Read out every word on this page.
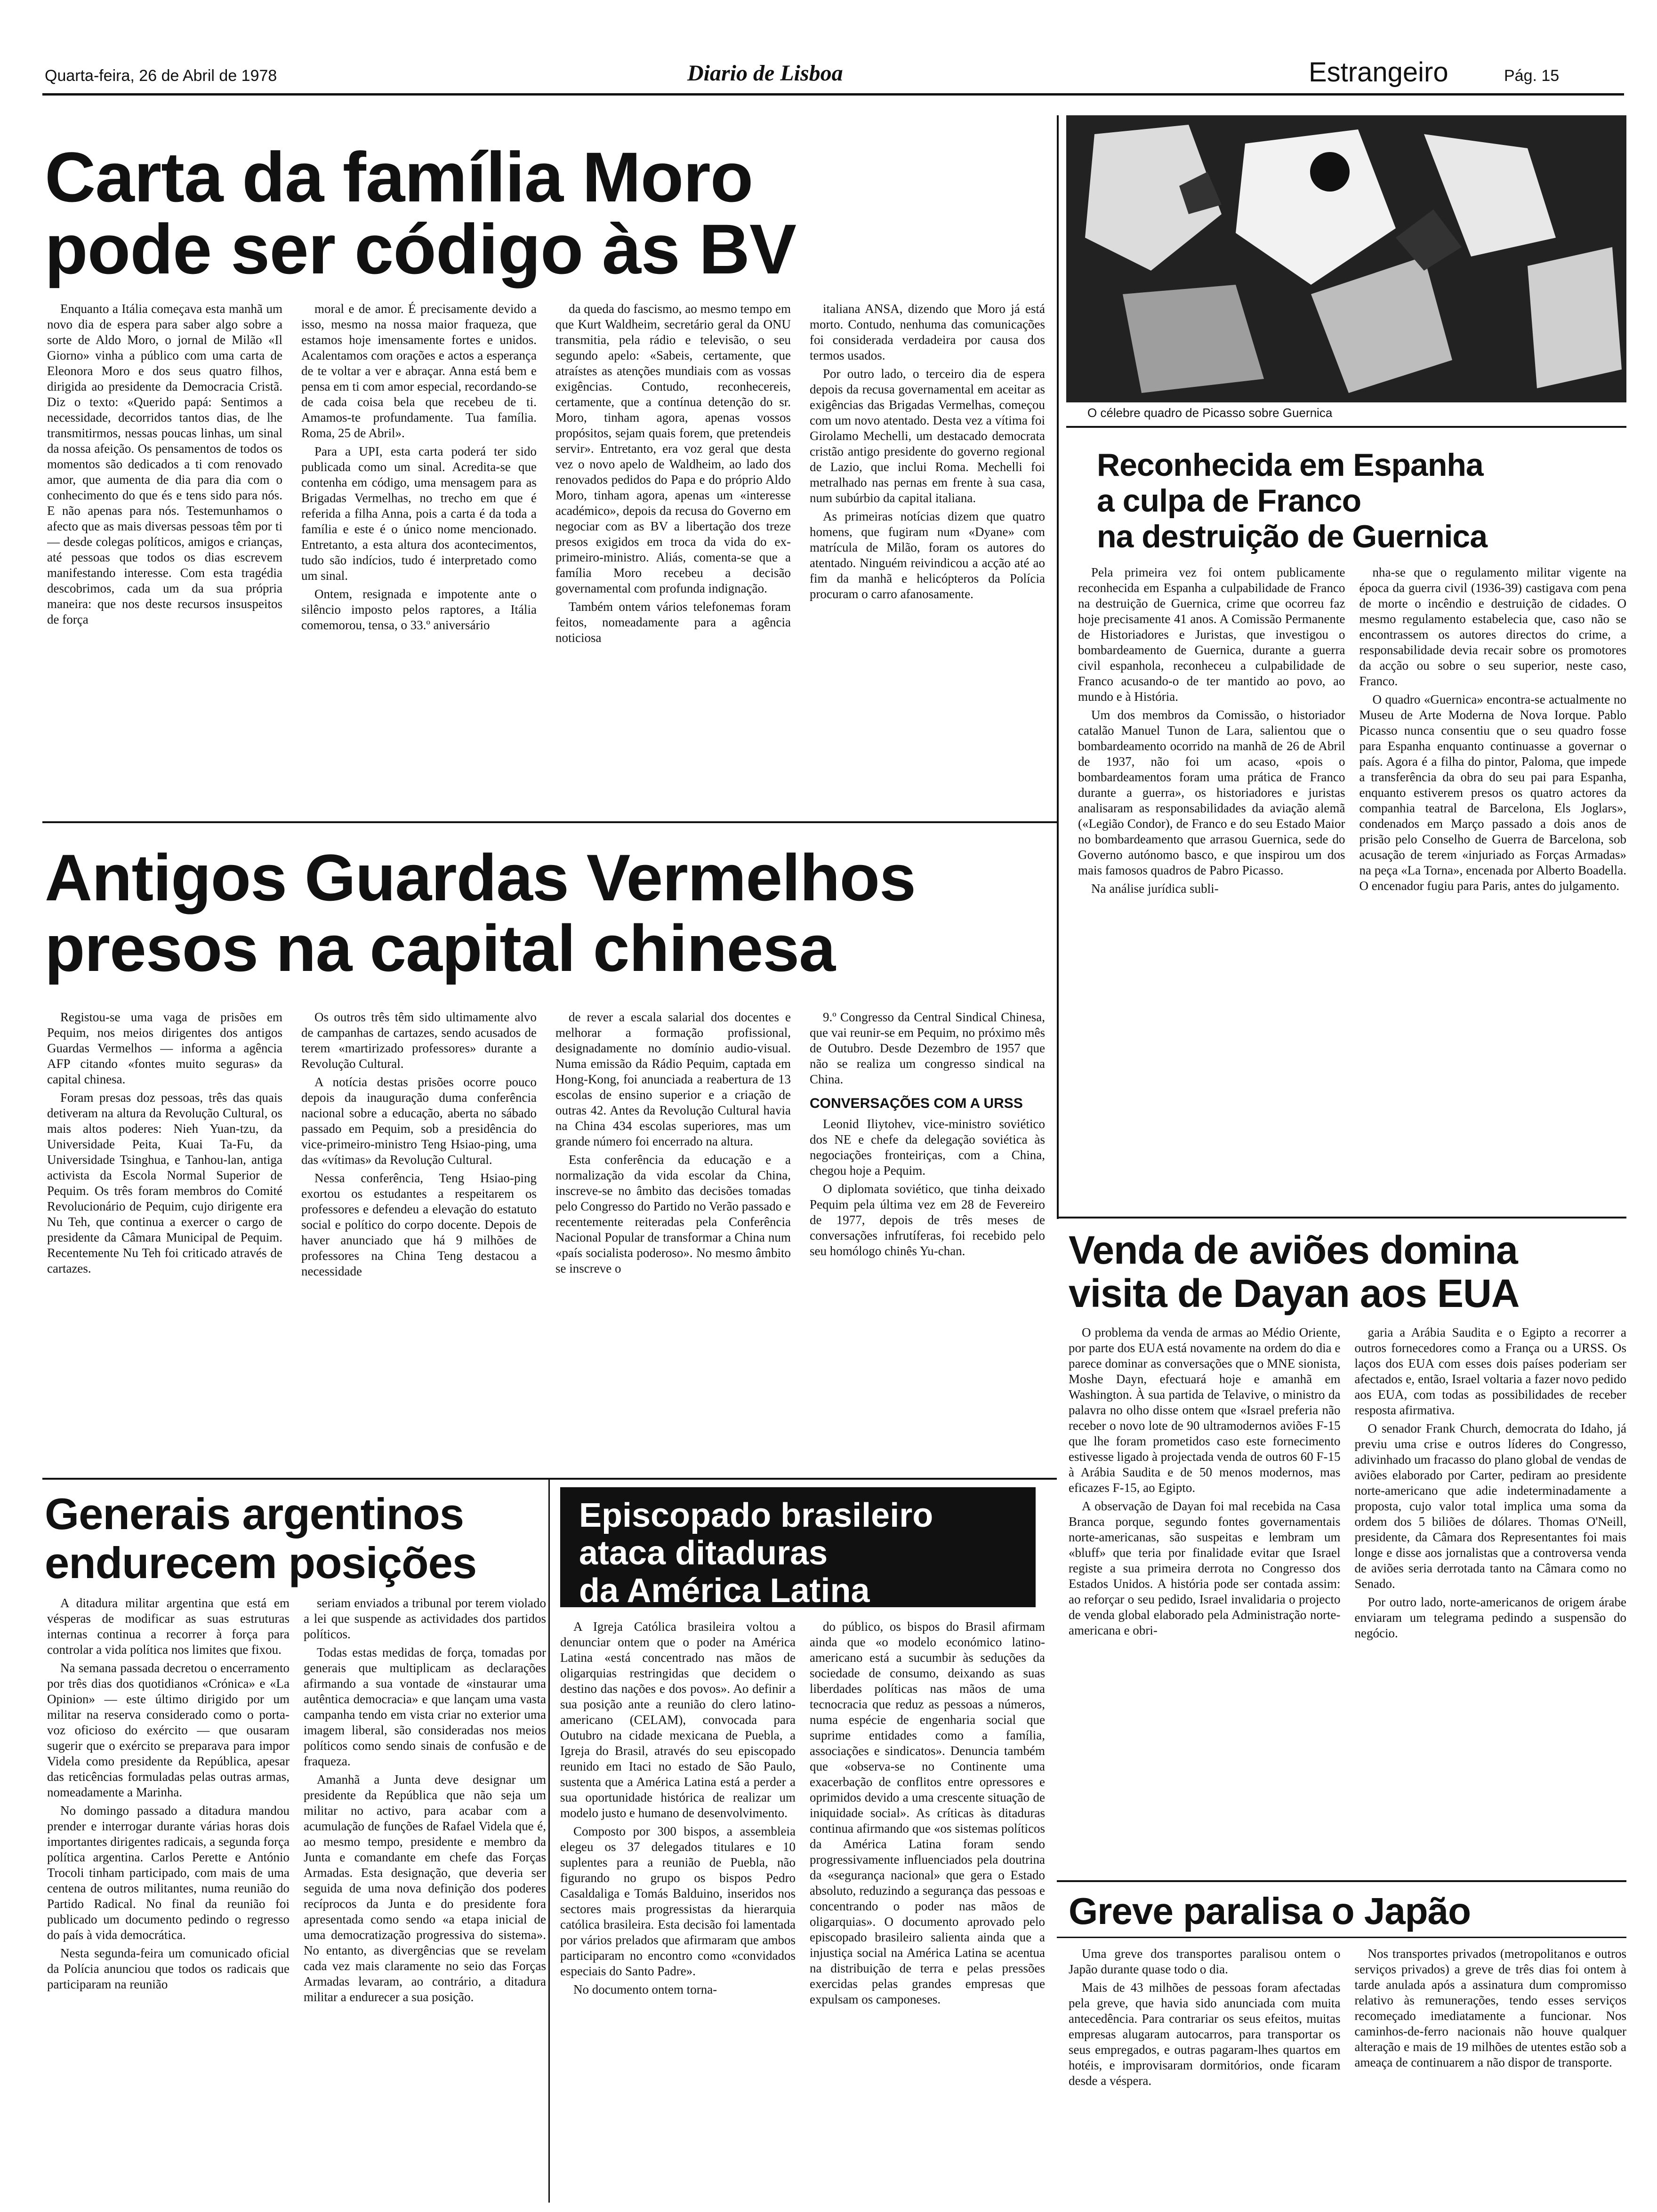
Quarta-feira, 26 de Abril de 1978	Diario de Lisboa	Estrangeiro	Pág. 15
Carta da família Moro
pode ser código às BV

Enquanto a Itália começava esta manhã um novo dia de espera para saber algo sobre a sorte de Aldo Moro, o jornal de Milão «Il Giorno» vinha a público com uma carta de Eleonora Moro e dos seus quatro filhos, dirigida ao presidente da Democracia Cristã. Diz o texto: «Querido papá: Sentimos a necessidade, decorridos tantos dias, de lhe transmitirmos, nessas poucas linhas, um sinal da nossa afeição. Os pensamentos de todos os momentos são dedicados a ti com renovado amor, que aumenta de dia para dia com o conhecimento do que és e tens sido para nós. E não apenas para nós. Testemunhamos o afecto que as mais diversas pessoas têm por ti — desde colegas políticos, amigos e crianças, até pessoas que todos os dias escrevem manifestando interesse. Com esta tragédia descobrimos, cada um da sua própria maneira: que nos deste recursos insuspeitos de força

moral e de amor. É precisamente devido a isso, mesmo na nossa maior fraqueza, que estamos hoje imensamente fortes e unidos. Acalentamos com orações e actos a esperança de te voltar a ver e abraçar. Anna está bem e pensa em ti com amor especial, recordando-se de cada coisa bela que recebeu de ti. Amamos-te profundamente. Tua família. Roma, 25 de Abril».

Para a UPI, esta carta poderá ter sido publicada como um sinal. Acredita-se que contenha em código, uma mensagem para as Brigadas Vermelhas, no trecho em que é referida a filha Anna, pois a carta é da toda a família e este é o único nome mencionado. Entretanto, a esta altura dos acontecimentos, tudo são indícios, tudo é interpretado como um sinal.

Ontem, resignada e impotente ante o silêncio imposto pelos raptores, a Itália comemorou, tensa, o 33.º aniversário

da queda do fascismo, ao mesmo tempo em que Kurt Waldheim, secretário geral da ONU transmitia, pela rádio e televisão, o seu segundo apelo: «Sabeis, certamente, que atraístes as atenções mundiais com as vossas exigências. Contudo, reconhecereis, certamente, que a contínua detenção do sr. Moro, tinham agora, apenas vossos propósitos, sejam quais forem, que pretendeis servir». Entretanto, era voz geral que desta vez o novo apelo de Waldheim, ao lado dos renovados pedidos do Papa e do próprio Aldo Moro, tinham agora, apenas um «interesse académico», depois da recusa do Governo em negociar com as BV a libertação dos treze presos exigidos em troca da vida do ex-primeiro-ministro. Aliás, comenta-se que a família Moro recebeu a decisão governamental com profunda indignação.

Também ontem vários telefonemas foram feitos, nomeadamente para a agência noticiosa

italiana ANSA, dizendo que Moro já está morto. Contudo, nenhuma das comunicações foi considerada verdadeira por causa dos termos usados.

Por outro lado, o terceiro dia de espera depois da recusa governamental em aceitar as exigências das Brigadas Vermelhas, começou com um novo atentado. Desta vez a vítima foi Girolamo Mechelli, um destacado democrata cristão antigo presidente do governo regional de Lazio, que inclui Roma. Mechelli foi metralhado nas pernas em frente à sua casa, num subúrbio da capital italiana.

As primeiras notícias dizem que quatro homens, que fugiram num «Dyane» com matrícula de Milão, foram os autores do atentado. Ninguém reivindicou a acção até ao fim da manhã e helicópteros da Polícia procuram o carro afanosamente.

O célebre quadro de Picasso sobre Guernica
Reconhecida em Espanha
a culpa de Franco
na destruição de Guernica

Pela primeira vez foi ontem publicamente reconhecida em Espanha a culpabilidade de Franco na destruição de Guernica, crime que ocorreu faz hoje precisamente 41 anos. A Comissão Permanente de Historiadores e Juristas, que investigou o bombardeamento de Guernica, durante a guerra civil espanhola, reconheceu a culpabilidade de Franco acusando-o de ter mantido ao povo, ao mundo e à História.

Um dos membros da Comissão, o historiador catalão Manuel Tunon de Lara, salientou que o bombardeamento ocorrido na manhã de 26 de Abril de 1937, não foi um acaso, «pois o bombardeamentos foram uma prática de Franco durante a guerra», os historiadores e juristas analisaram as responsabilidades da aviação alemã («Legião Condor), de Franco e do seu Estado Maior no bombardeamento que arrasou Guernica, sede do Governo autónomo basco, e que inspirou um dos mais famosos quadros de Pabro Picasso.

Na análise jurídica subli-

nha-se que o regulamento militar vigente na época da guerra civil (1936-39) castigava com pena de morte o incêndio e destruição de cidades. O mesmo regulamento estabelecia que, caso não se encontrassem os autores directos do crime, a responsabilidade devia recair sobre os promotores da acção ou sobre o seu superior, neste caso, Franco.

O quadro «Guernica» encontra-se actualmente no Museu de Arte Moderna de Nova Iorque. Pablo Picasso nunca consentiu que o seu quadro fosse para Espanha enquanto continuasse a governar o país. Agora é a filha do pintor, Paloma, que impede a transferência da obra do seu pai para Espanha, enquanto estiverem presos os quatro actores da companhia teatral de Barcelona, Els Joglars», condenados em Março passado a dois anos de prisão pelo Conselho de Guerra de Barcelona, sob acusação de terem «injuriado as Forças Armadas» na peça «La Torna», encenada por Alberto Boadella. O encenador fugiu para Paris, antes do julgamento.

Antigos Guardas Vermelhos
presos na capital chinesa

Registou-se uma vaga de prisões em Pequim, nos meios dirigentes dos antigos Guardas Vermelhos — informa a agência AFP citando «fontes muito seguras» da capital chinesa.

Foram presas doz pessoas, três das quais detiveram na altura da Revolução Cultural, os mais altos poderes: Nieh Yuan-tzu, da Universidade Peita, Kuai Ta-Fu, da Universidade Tsinghua, e Tanhou-lan, antiga activista da Escola Normal Superior de Pequim. Os três foram membros do Comité Revolucionário de Pequim, cujo dirigente era Nu Teh, que continua a exercer o cargo de presidente da Câmara Municipal de Pequim. Recentemente Nu Teh foi criticado através de cartazes.

Os outros três têm sido ultimamente alvo de campanhas de cartazes, sendo acusados de terem «martirizado professores» durante a Revolução Cultural.

A notícia destas prisões ocorre pouco depois da inauguração duma conferência nacional sobre a educação, aberta no sábado passado em Pequim, sob a presidência do vice-primeiro-ministro Teng Hsiao-ping, uma das «vítimas» da Revolução Cultural.

Nessa conferência, Teng Hsiao-ping exortou os estudantes a respeitarem os professores e defendeu a elevação do estatuto social e político do corpo docente. Depois de haver anunciado que há 9 milhões de professores na China Teng destacou a necessidade

de rever a escala salarial dos docentes e melhorar a formação profissional, designadamente no domínio audio-visual. Numa emissão da Rádio Pequim, captada em Hong-Kong, foi anunciada a reabertura de 13 escolas de ensino superior e a criação de outras 42. Antes da Revolução Cultural havia na China 434 escolas superiores, mas um grande número foi encerrado na altura.

Esta conferência da educação e a normalização da vida escolar da China, inscreve-se no âmbito das decisões tomadas pelo Congresso do Partido no Verão passado e recentemente reiteradas pela Conferência Nacional Popular de transformar a China num «país socialista poderoso». No mesmo âmbito se inscreve o

9.º Congresso da Central Sindical Chinesa, que vai reunir-se em Pequim, no próximo mês de Outubro. Desde Dezembro de 1957 que não se realiza um congresso sindical na China.

CONVERSAÇÕES COM A URSS

Leonid Iliytohev, vice-ministro soviético dos NE e chefe da delegação soviética às negociações fronteiriças, com a China, chegou hoje a Pequim.

O diplomata soviético, que tinha deixado Pequim pela última vez em 28 de Fevereiro de 1977, depois de três meses de conversações infrutíferas, foi recebido pelo seu homólogo chinês Yu-chan.	Venda de aviões domina
visita de Dayan aos EUA

O problema da venda de armas ao Médio Oriente, por parte dos EUA está novamente na ordem do dia e parece dominar as conversações que o MNE sionista, Moshe Dayn, efectuará hoje e amanhã em Washington. À sua partida de Telavive, o ministro da palavra no olho disse ontem que «Israel preferia não receber o novo lote de 90 ultramodernos aviões F-15 que lhe foram prometidos caso este fornecimento estivesse ligado à projectada venda de outros 60 F-15 à Arábia Saudita e de 50 menos modernos, mas eficazes F-15, ao Egipto.

A observação de Dayan foi mal recebida na Casa Branca porque, segundo fontes governamentais norte-americanas, são suspeitas e lembram um «bluff» que teria por finalidade evitar que Israel registe a sua primeira derrota no Congresso dos Estados Unidos. A história pode ser contada assim: ao reforçar o seu pedido, Israel invalidaria o projecto de venda global elaborado pela Administração norte-americana e obri-

garia a Arábia Saudita e o Egipto a recorrer a outros fornecedores como a França ou a URSS. Os laços dos EUA com esses dois países poderiam ser afectados e, então, Israel voltaria a fazer novo pedido aos EUA, com todas as possibilidades de receber resposta afirmativa.

O senador Frank Church, democrata do Idaho, já previu uma crise e outros líderes do Congresso, adivinhado um fracasso do plano global de vendas de aviões elaborado por Carter, pediram ao presidente norte-americano que adie indeterminadamente a proposta, cujo valor total implica uma soma da ordem dos 5 biliões de dólares. Thomas O'Neill, presidente, da Câmara dos Representantes foi mais longe e disse aos jornalistas que a controversa venda de aviões seria derrotada tanto na Câmara como no Senado.

Por outro lado, norte-americanos de origem árabe enviaram um telegrama pedindo a suspensão do negócio.

Greve paralisa o Japão

Uma greve dos transportes paralisou ontem o Japão durante quase todo o dia.

Mais de 43 milhões de pessoas foram afectadas pela greve, que havia sido anunciada com muita antecedência. Para contrariar os seus efeitos, muitas empresas alugaram autocarros, para transportar os seus empregados, e outras pagaram-lhes quartos em hotéis, e improvisaram dormitórios, onde ficaram desde a véspera.

Nos transportes privados (metropolitanos e outros serviços privados) a greve de três dias foi ontem à tarde anulada após a assinatura dum compromisso relativo às remunerações, tendo esses serviços recomeçado imediatamente a funcionar. Nos caminhos-de-ferro nacionais não houve qualquer alteração e mais de 19 milhões de utentes estão sob a ameaça de continuarem a não dispor de transporte.

Generais argentinos
endurecem posições

A ditadura militar argentina que está em vésperas de modificar as suas estruturas internas continua a recorrer à força para controlar a vida política nos limites que fixou.

Na semana passada decretou o encerramento por três dias dos quotidianos «Crónica» e «La Opinion» — este último dirigido por um militar na reserva considerado como o porta-voz oficioso do exército — que ousaram sugerir que o exército se preparava para impor Videla como presidente da República, apesar das reticências formuladas pelas outras armas, nomeadamente a Marinha.

No domingo passado a ditadura mandou prender e interrogar durante várias horas dois importantes dirigentes radicais, a segunda força política argentina. Carlos Perette e António Trocoli tinham participado, com mais de uma centena de outros militantes, numa reunião do Partido Radical. No final da reunião foi publicado um documento pedindo o regresso do país à vida democrática.

Nesta segunda-feira um comunicado oficial da Polícia anunciou que todos os radicais que participaram na reunião

seriam enviados a tribunal por terem violado a lei que suspende as actividades dos partidos políticos.

Todas estas medidas de força, tomadas por generais que multiplicam as declarações afirmando a sua vontade de «instaurar uma autêntica democracia» e que lançam uma vasta campanha tendo em vista criar no exterior uma imagem liberal, são consideradas nos meios políticos como sendo sinais de confusão e de fraqueza.

Amanhã a Junta deve designar um presidente da República que não seja um militar no activo, para acabar com a acumulação de funções de Rafael Videla que é, ao mesmo tempo, presidente e membro da Junta e comandante em chefe das Forças Armadas. Esta designação, que deveria ser seguida de uma nova definição dos poderes recíprocos da Junta e do presidente fora apresentada como sendo «a etapa inicial de uma democratização progressiva do sistema». No entanto, as divergências que se revelam cada vez mais claramente no seio das Forças Armadas levaram, ao contrário, a ditadura militar a endurecer a sua posição.

Episcopado brasileiro
ataca ditaduras
da América Latina

A Igreja Católica brasileira voltou a denunciar ontem que o poder na América Latina «está concentrado nas mãos de oligarquias restringidas que decidem o destino das nações e dos povos». Ao definir a sua posição ante a reunião do clero latino-americano (CELAM), convocada para Outubro na cidade mexicana de Puebla, a Igreja do Brasil, através do seu episcopado reunido em Itaci no estado de São Paulo, sustenta que a América Latina está a perder a sua oportunidade histórica de realizar um modelo justo e humano de desenvolvimento.

Composto por 300 bispos, a assembleia elegeu os 37 delegados titulares e 10 suplentes para a reunião de Puebla, não figurando no grupo os bispos Pedro Casaldaliga e Tomás Balduino, inseridos nos sectores mais progressistas da hierarquia católica brasileira. Esta decisão foi lamentada por vários prelados que afirmaram que ambos participaram no encontro como «convidados especiais do Santo Padre».

No documento ontem torna-

do público, os bispos do Brasil afirmam ainda que «o modelo económico latino-americano está a sucumbir às seduções da sociedade de consumo, deixando as suas liberdades políticas nas mãos de uma tecnocracia que reduz as pessoas a números, numa espécie de engenharia social que suprime entidades como a família, associações e sindicatos». Denuncia também que «observa-se no Continente uma exacerbação de conflitos entre opressores e oprimidos devido a uma crescente situação de iniquidade social». As críticas às ditaduras continua afirmando que «os sistemas políticos da América Latina foram sendo progressivamente influenciados pela doutrina da «segurança nacional» que gera o Estado absoluto, reduzindo a segurança das pessoas e concentrando o poder nas mãos de oligarquias». O documento aprovado pelo episcopado brasileiro salienta ainda que a injustiça social na América Latina se acentua na distribuição de terra e pelas pressões exercidas pelas grandes empresas que expulsam os camponeses.
